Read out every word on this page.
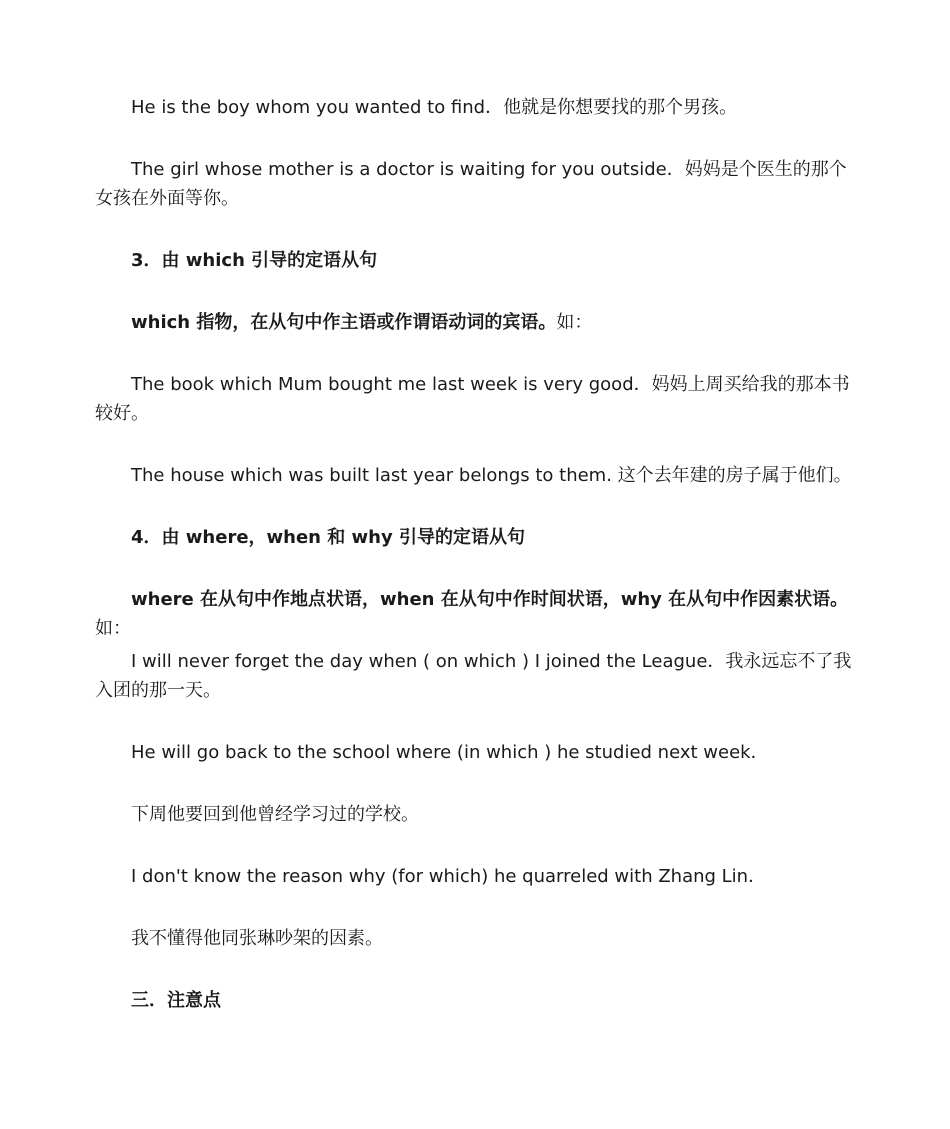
He is the boy whom you wanted to find．他就是你想要找的那个男孩。

The girl whose mother is a doctor is waiting for you outside．妈妈是个医生的那个女孩在外面等你。

3．由 which 引导的定语从句

which 指物，在从句中作主语或作谓语动词的宾语。如：

The book which Mum bought me last week is very good．妈妈上周买给我的那本书较好。

The house which was built last year belongs to them. 这个去年建的房子属于他们。

4．由 where，when 和 why 引导的定语从句

where 在从句中作地点状语，when 在从句中作时间状语，why 在从句中作因素状语。如：

I will never forget the day when ( on which ) I joined the League．我永远忘不了我入团的那一天。

He will go back to the school where (in which ) he studied next week．

下周他要回到他曾经学习过的学校。

I don't know the reason why (for which) he quarreled with Zhang Lin．

我不懂得他同张琳吵架的因素。

三．注意点
